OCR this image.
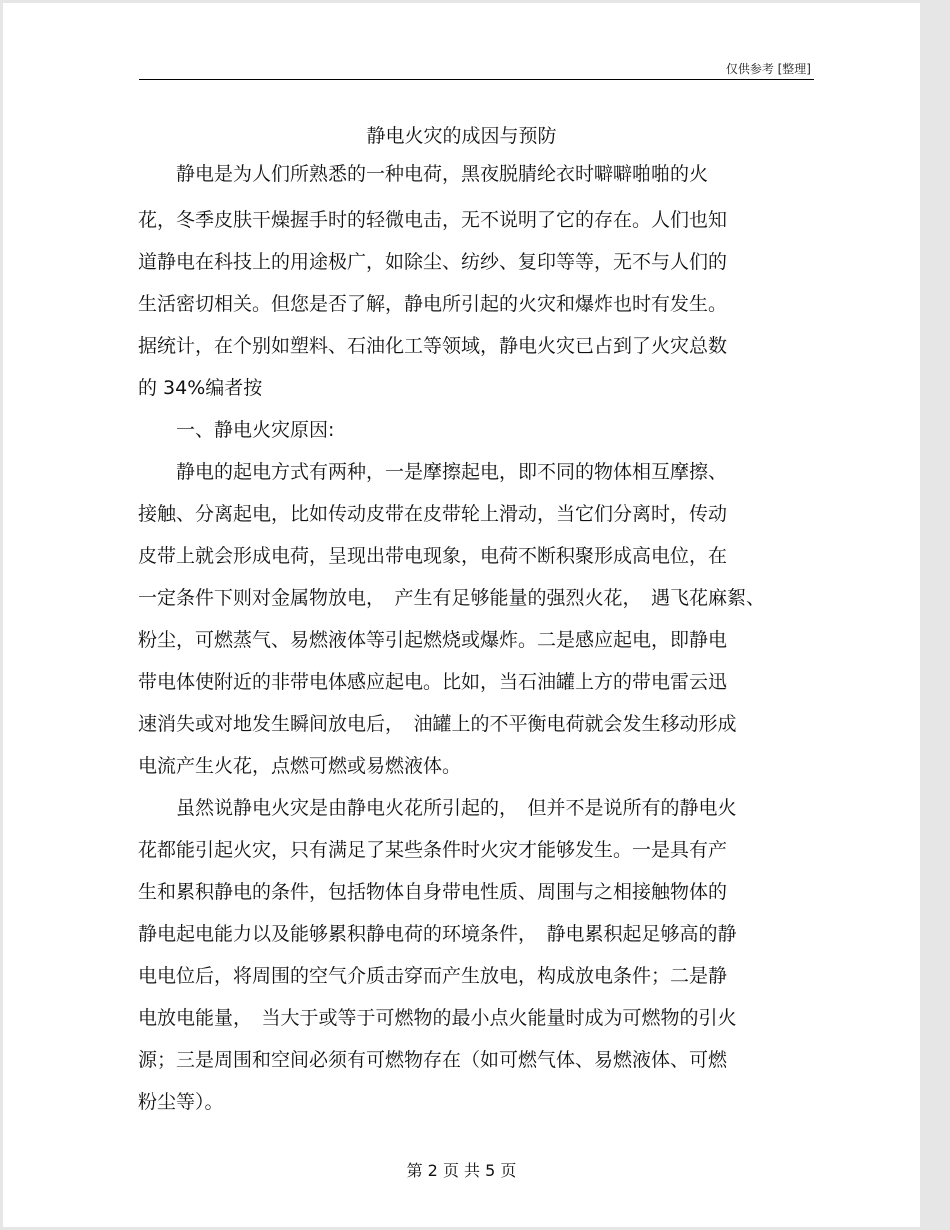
仅供参考 [整理]
静电火灾的成因与预防
　　静电是为人们所熟悉的一种电荷，黑夜脱腈纶衣时噼噼啪啪的火
花，冬季皮肤干燥握手时的轻微电击，无不说明了它的存在。人们也知
道静电在科技上的用途极广，如除尘、纺纱、复印等等，无不与人们的
生活密切相关。但您是否了解，静电所引起的火灾和爆炸也时有发生。
据统计，在个别如塑料、石油化工等领域，静电火灾已占到了火灾总数
的 34%编者按
　　一、静电火灾原因:
　　静电的起电方式有两种，一是摩擦起电，即不同的物体相互摩擦、
接触、分离起电，比如传动皮带在皮带轮上滑动，当它们分离时，传动
皮带上就会形成电荷，呈现出带电现象，电荷不断积聚形成高电位，在
一定条件下则对金属物放电，　产生有足够能量的强烈火花，　遇飞花麻絮、
粉尘，可燃蒸气、易燃液体等引起燃烧或爆炸。二是感应起电，即静电
带电体使附近的非带电体感应起电。比如，当石油罐上方的带电雷云迅
速消失或对地发生瞬间放电后，　油罐上的不平衡电荷就会发生移动形成
电流产生火花，点燃可燃或易燃液体。
　　虽然说静电火灾是由静电火花所引起的，　但并不是说所有的静电火
花都能引起火灾，只有满足了某些条件时火灾才能够发生。一是具有产
生和累积静电的条件，包括物体自身带电性质、周围与之相接触物体的
静电起电能力以及能够累积静电荷的环境条件，　静电累积起足够高的静
电电位后，将周围的空气介质击穿而产生放电，构成放电条件；二是静
电放电能量，　当大于或等于可燃物的最小点火能量时成为可燃物的引火
源；三是周围和空间必须有可燃物存在（如可燃气体、易燃液体、可燃
粉尘等）。
第 2 页 共 5 页
